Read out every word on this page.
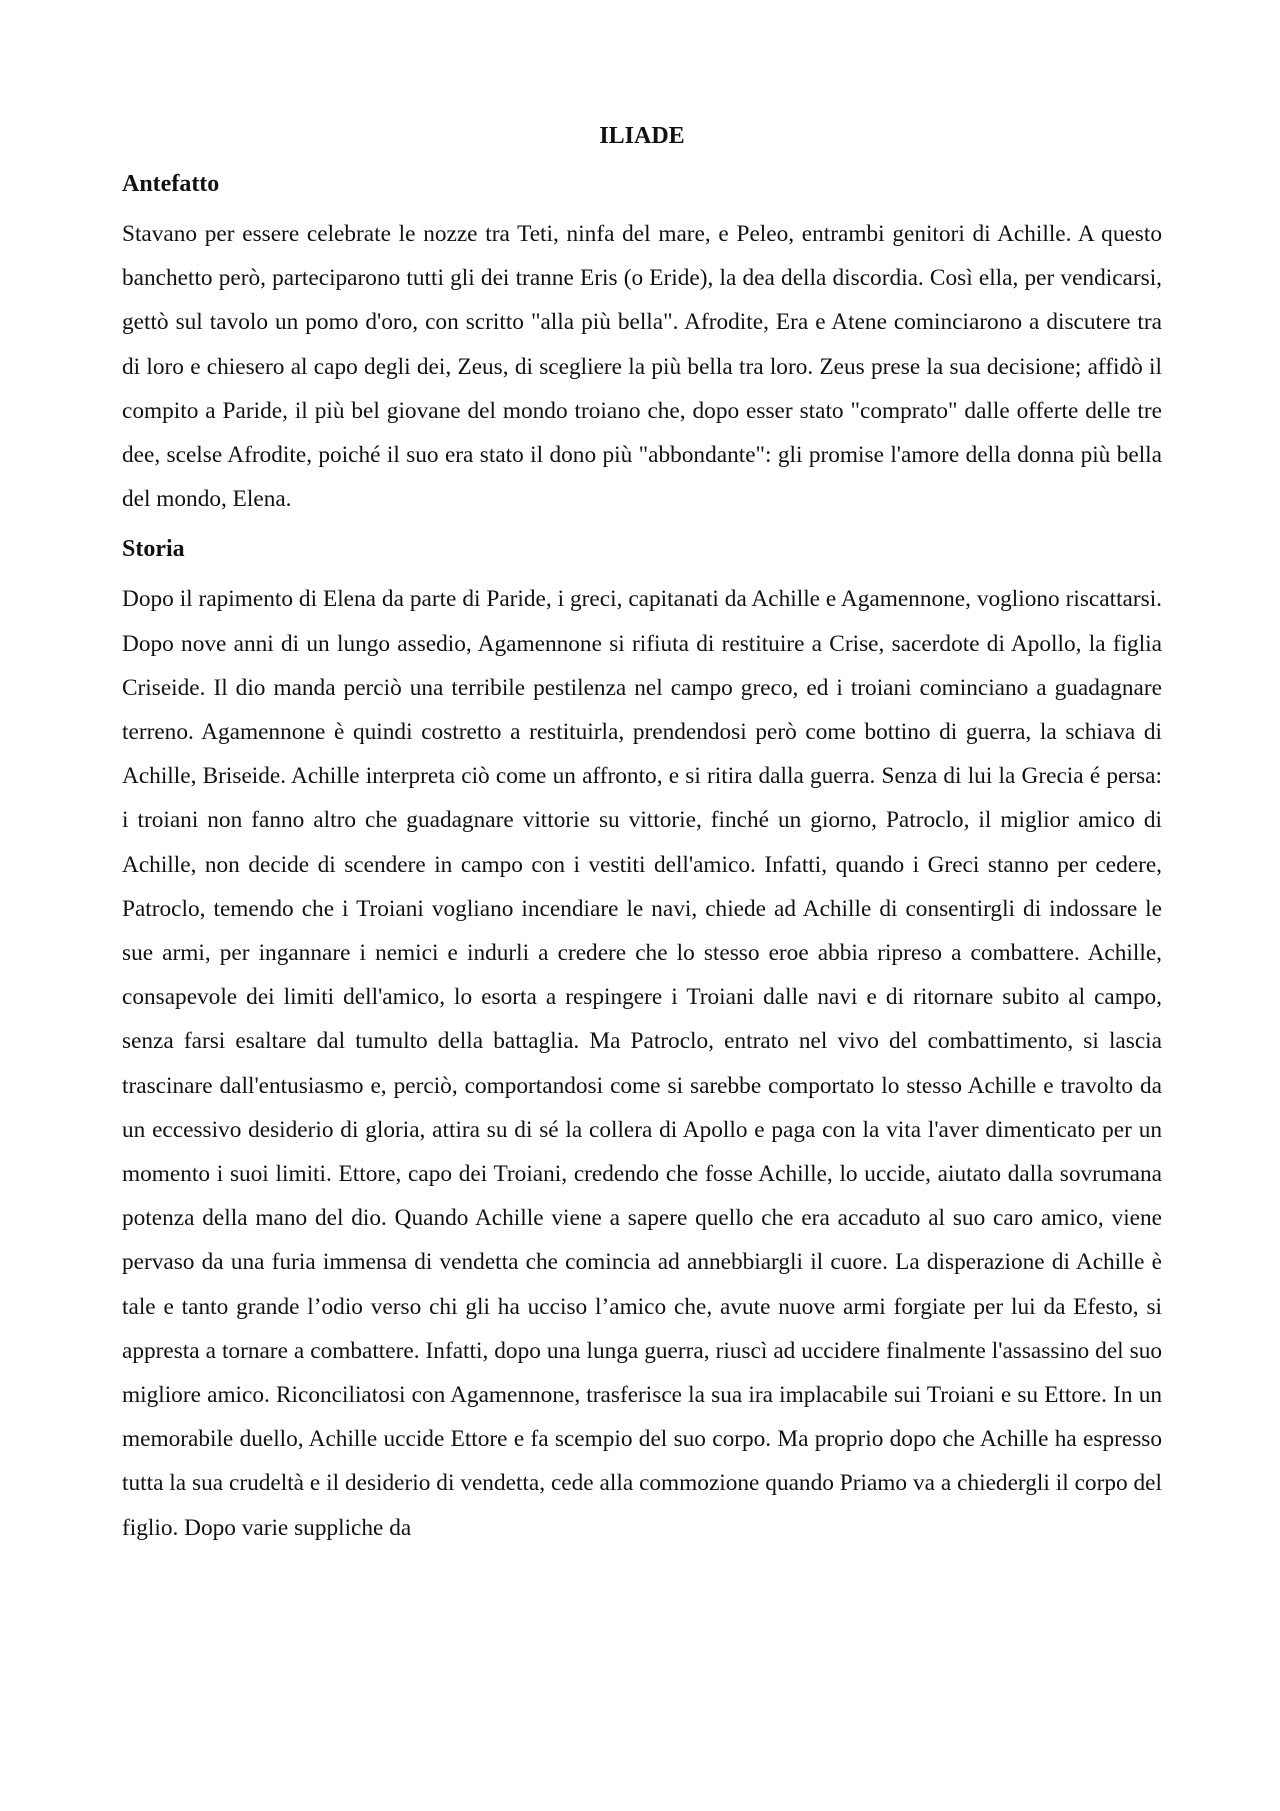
ILIADE
Antefatto

Stavano per essere celebrate le nozze tra Teti, ninfa del mare, e Peleo, entrambi genitori di Achille. A questo banchetto però, parteciparono tutti gli dei tranne Eris (o Eride), la dea della discordia. Così ella, per vendicarsi, gettò sul tavolo un pomo d'oro, con scritto "alla più bella". Afrodite, Era e Atene cominciarono a discutere tra di loro e chiesero al capo degli dei, Zeus, di scegliere la più bella tra loro. Zeus prese la sua decisione; affidò il compito a Paride, il più bel giovane del mondo troiano che, dopo esser stato "comprato" dalle offerte delle tre dee, scelse Afrodite, poiché il suo era stato il dono più "abbondante": gli promise l'amore della donna più bella del mondo, Elena.

Storia

Dopo il rapimento di Elena da parte di Paride, i greci, capitanati da Achille e Agamennone, vogliono riscattarsi. Dopo nove anni di un lungo assedio, Agamennone si rifiuta di restituire a Crise, sacerdote di Apollo, la figlia Criseide. Il dio manda perciò una terribile pestilenza nel campo greco, ed i troiani cominciano a guadagnare terreno. Agamennone è quindi costretto a restituirla, prendendosi però come bottino di guerra, la schiava di Achille, Briseide. Achille interpreta ciò come un affronto, e si ritira dalla guerra. Senza di lui la Grecia é persa: i troiani non fanno altro che guadagnare vittorie su vittorie, finché un giorno, Patroclo, il miglior amico di Achille, non decide di scendere in campo con i vestiti dell'amico. Infatti, quando i Greci stanno per cedere, Patroclo, temendo che i Troiani vogliano incendiare le navi, chiede ad Achille di consentirgli di indossare le sue armi, per ingannare i nemici e indurli a credere che lo stesso eroe abbia ripreso a combattere. Achille, consapevole dei limiti dell'amico, lo esorta a respingere i Troiani dalle navi e di ritornare subito al campo, senza farsi esaltare dal tumulto della battaglia. Ma Patroclo, entrato nel vivo del combattimento, si lascia trascinare dall'entusiasmo e, perciò, comportandosi come si sarebbe comportato lo stesso Achille e travolto da un eccessivo desiderio di gloria, attira su di sé la collera di Apollo e paga con la vita l'aver dimenticato per un momento i suoi limiti. Ettore, capo dei Troiani, credendo che fosse Achille, lo uccide, aiutato dalla sovrumana potenza della mano del dio. Quando Achille viene a sapere quello che era accaduto al suo caro amico, viene pervaso da una furia immensa di vendetta che comincia ad annebbiargli il cuore. La disperazione di Achille è tale e tanto grande l’odio verso chi gli ha ucciso l’amico che, avute nuove armi forgiate per lui da Efesto, si appresta a tornare a combattere. Infatti, dopo una lunga guerra, riuscì ad uccidere finalmente l'assassino del suo migliore amico. Riconciliatosi con Agamennone, trasferisce la sua ira implacabile sui Troiani e su Ettore. In un memorabile duello, Achille uccide Ettore e fa scempio del suo corpo. Ma proprio dopo che Achille ha espresso tutta la sua crudeltà e il desiderio di vendetta, cede alla commozione quando Priamo va a chiedergli il corpo del figlio. Dopo varie suppliche da
